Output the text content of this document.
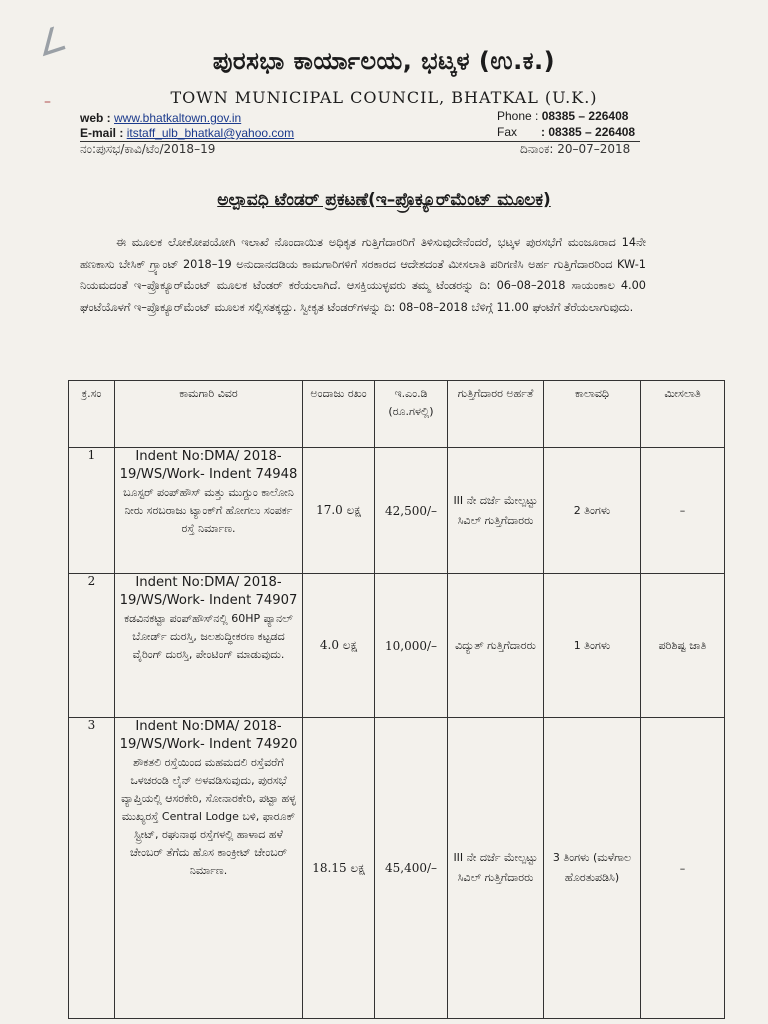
∠
–
ಪುರಸಭಾ ಕಾರ್ಯಾಲಯ, ಭಟ್ಕಳ (ಉ.ಕ.)
TOWN MUNICIPAL COUNCIL, BHATKAL (U.K.)
web : www.bhatkaltown.gov.in
E-mail : itstaff_ulb_bhatkal@yahoo.com
Phone : 08385 – 226408
Fax : 08385 – 226408
ನಂ:ಪುಸಭ/ಕಾವಿ/ಟೆಂ/2018–19	ದಿನಾಂಕ: 20–07–2018
ಅಲ್ಪಾವಧಿ ಟೆಂಡರ್ ಪ್ರಕಟಣೆ(ಇ–ಪ್ರೊಕ್ಯೂರ್‌ಮೆಂಟ್ ಮೂಲಕ)
ಈ ಮೂಲಕ ಲೋಕೋಪಯೋಗಿ ಇಲಾಖೆ ನೊಂದಾಯಿತ ಅಧಿಕೃತ ಗುತ್ತಿಗೆದಾರರಿಗೆ ತಿಳಿಸುವುದೇನೆಂದರೆ, ಭಟ್ಕಳ ಪುರಸಭೆಗೆ ಮಂಜೂರಾದ 14ನೇ ಹಣಕಾಸು ಬೇಸಿಕ್ ಗ್ರ್ಯಾಂಟ್ 2018–19 ಅನುದಾನದಡಿಯ ಕಾಮಗಾರಿಗಳಿಗೆ ಸರಕಾರದ ಆದೇಶದಂತೆ ಮೀಸಲಾತಿ ಪರಿಗಣಿಸಿ ಅರ್ಹ ಗುತ್ತಿಗೆದಾರರಿಂದ KW-1 ನಿಯಮದಂತೆ ಇ–ಪ್ರೊಕ್ಯೂರ್‌ಮೆಂಟ್ ಮೂಲಕ ಟೆಂಡರ್ ಕರೆಯಲಾಗಿದೆ. ಆಸಕ್ತಿಯುಳ್ಳವರು ತಮ್ಮ ಟೆಂಡರನ್ನು ದಿ: 06–08–2018 ಸಾಯಂಕಾಲ 4.00 ಘಂಟೆಯೊಳಗೆ ಇ–ಪ್ರೊಕ್ಯೂರ್‌ಮೆಂಟ್ ಮೂಲಕ ಸಲ್ಲಿಸತಕ್ಕದ್ದು. ಸ್ವೀಕೃತ ಟೆಂಡರ್‌ಗಳನ್ನು ದಿ: 08–08–2018 ಬೆಳಿಗ್ಗೆ 11.00 ಘಂಟೆಗೆ ತೆರೆಯಲಾಗುವುದು.
ಕ್ರ.ಸಂ	ಕಾಮಗಾರಿ ವಿವರ	ಅಂದಾಜು ರಖಂ	ಇ.ಎಂ.ಡಿ (ರೂ.ಗಳಲ್ಲಿ)	ಗುತ್ತಿಗೆದಾರರ ಅರ್ಹತೆ	ಕಾಲಾವಧಿ	ಮೀಸಲಾತಿ
1	Indent No:DMA/ 2018-19/WS/Work- Indent 74948 ಬೂಸ್ಟರ್ ಪಂಪ್‌ಹೌಸ್ ಮತ್ತು ಮುಗ್ದುಂ ಕಾಲೋನಿ ನೀರು ಸರಬರಾಜು ಟ್ಯಾಂಕ್‌ಗೆ ಹೋಗಲು ಸಂಪರ್ಕ ರಸ್ತೆ ನಿರ್ಮಾಣ.	17.0 ಲಕ್ಷ	42,500/–	III ನೇ ದರ್ಜೆ ಮೇಲ್ಪಟ್ಟು ಸಿವಿಲ್ ಗುತ್ತಿಗೆದಾರರು	2 ತಿಂಗಳು	–
2	Indent No:DMA/ 2018-19/WS/Work- Indent 74907 ಕಡವಿನಕಟ್ಟಾ ಪಂಪ್‌ಹೌಸ್‌ನಲ್ಲಿ 60HP ಪ್ಯಾನಲ್ ಬೋರ್ಡ್ ದುರಸ್ತಿ, ಜಲಶುದ್ಧೀಕರಣ ಕಟ್ಟಡದ ವೈರಿಂಗ್ ದುರಸ್ತಿ, ಪೇಂಟಿಂಗ್ ಮಾಡುವುದು.	4.0 ಲಕ್ಷ	10,000/–	ವಿದ್ಯುತ್ ಗುತ್ತಿಗೆದಾರರು	1 ತಿಂಗಳು	ಪರಿಶಿಷ್ಟ ಜಾತಿ
3	Indent No:DMA/ 2018-19/WS/Work- Indent 74920 ಶೌಕತಲಿ ರಸ್ತೆಯಿಂದ ಮಹಮದಲಿ ರಸ್ತೆವರೆಗೆ ಒಳಚರಂಡಿ ಲೈನ್ ಅಳವಡಿಸುವುದು, ಪುರಸಭೆ ವ್ಯಾಪ್ತಿಯಲ್ಲಿ ಆಸರಕೇರಿ, ಸೋನಾರಕೇರಿ, ಪಟ್ಟಾ ಹಳ್ಳ ಮುಖ್ಯರಸ್ತೆ Central Lodge ಬಳಿ, ಫಾರೂಕ್ ಸ್ಟ್ರೀಟ್, ರಘುನಾಥ ರಸ್ತೆಗಳಲ್ಲಿ ಹಾಳಾದ ಹಳೆ ಚೇಂಬರ್ ತೆಗೆದು ಹೊಸ ಕಾಂಕ್ರೀಟ್ ಚೇಂಬರ್ ನಿರ್ಮಾಣ.	18.15 ಲಕ್ಷ	45,400/–	III ನೇ ದರ್ಜೆ ಮೇಲ್ಪಟ್ಟು ಸಿವಿಲ್ ಗುತ್ತಿಗೆದಾರರು	3 ತಿಂಗಳು (ಮಳೆಗಾಲ ಹೊರತುಪಡಿಸಿ)	–
